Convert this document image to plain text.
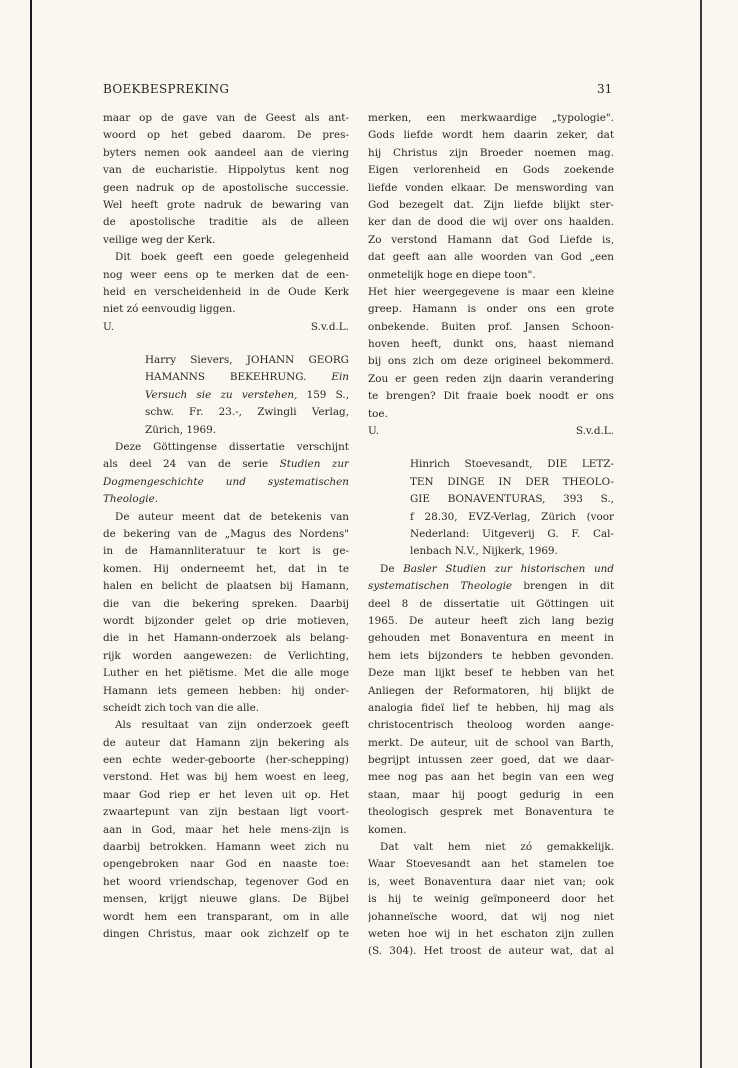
BOEKBESPREKING	31
maar op de gave van de Geest als ant-
woord op het gebed daarom. De pres-
byters nemen ook aandeel aan de viering
van de eucharistie. Hippolytus kent nog
geen nadruk op de apostolische successie.
Wel heeft grote nadruk de bewaring van
de apostolische traditie als de alleen
veilige weg der Kerk.
Dit boek geeft een goede gelegenheid
nog weer eens op te merken dat de een-
heid en verscheidenheid in de Oude Kerk
niet zó eenvoudig liggen.
U.	S.v.d.L.
Harry Sievers, JOHANN GEORG
HAMANNS BEKEHRUNG. Ein
Versuch sie zu verstehen, 159 S.,
schw. Fr. 23.-, Zwingli Verlag,
Zürich, 1969.
Deze Göttingense dissertatie verschijnt
als deel 24 van de serie Studien zur
Dogmengeschichte und systematischen
Theologie.
De auteur meent dat de betekenis van
de bekering van de „Magus des Nordens"
in de Hamannliteratuur te kort is ge-
komen. Hij onderneemt het, dat in te
halen en belicht de plaatsen bij Hamann,
die van die bekering spreken. Daarbij
wordt bijzonder gelet op drie motieven,
die in het Hamann-onderzoek als belang-
rijk worden aangewezen: de Verlichting,
Luther en het piëtisme. Met die alle moge
Hamann iets gemeen hebben: hij onder-
scheidt zich toch van die alle.
Als resultaat van zijn onderzoek geeft
de auteur dat Hamann zijn bekering als
een echte weder-geboorte (her-schepping)
verstond. Het was bij hem woest en leeg,
maar God riep er het leven uit op. Het
zwaartepunt van zijn bestaan ligt voort-
aan in God, maar het hele mens-zijn is
daarbij betrokken. Hamann weet zich nu
opengebroken naar God en naaste toe:
het woord vriendschap, tegenover God en
mensen, krijgt nieuwe glans. De Bijbel
wordt hem een transparant, om in alle
dingen Christus, maar ook zichzelf op te
merken, een merkwaardige „typologie".
Gods liefde wordt hem daarin zeker, dat
hij Christus zijn Broeder noemen mag.
Eigen verlorenheid en Gods zoekende
liefde vonden elkaar. De menswording van
God bezegelt dat. Zijn liefde blijkt ster-
ker dan de dood die wij over ons haalden.
Zo verstond Hamann dat God Liefde is,
dat geeft aan alle woorden van God „een
onmetelijk hoge en diepe toon".
Het hier weergegevene is maar een kleine
greep. Hamann is onder ons een grote
onbekende. Buiten prof. Jansen Schoon-
hoven heeft, dunkt ons, haast niemand
bij ons zich om deze origineel bekommerd.
Zou er geen reden zijn daarin verandering
te brengen? Dit fraaie boek noodt er ons
toe.
U.	S.v.d.L.
Hinrich Stoevesandt, DIE LETZ-
TEN DINGE IN DER THEOLO-
GIE BONAVENTURAS, 393 S.,
f 28.30, EVZ-Verlag, Zürich (voor
Nederland: Uitgeverij G. F. Cal-
lenbach N.V., Nijkerk, 1969.
De Basler Studien zur historischen und
systematischen Theologie brengen in dit
deel 8 de dissertatie uit Göttingen uit
1965. De auteur heeft zich lang bezig
gehouden met Bonaventura en meent in
hem iets bijzonders te hebben gevonden.
Deze man lijkt besef te hebben van het
Anliegen der Reformatoren, hij blijkt de
analogia fideï lief te hebben, hij mag als
christocentrisch theoloog worden aange-
merkt. De auteur, uit de school van Barth,
begrijpt intussen zeer goed, dat we daar-
mee nog pas aan het begin van een weg
staan, maar hij poogt gedurig in een
theologisch gesprek met Bonaventura te
komen.
Dat valt hem niet zó gemakkelijk.
Waar Stoevesandt aan het stamelen toe
is, weet Bonaventura daar niet van; ook
is hij te weinig geïmponeerd door het
johanneïsche woord, dat wij nog niet
weten hoe wij in het eschaton zijn zullen
(S. 304). Het troost de auteur wat, dat al
